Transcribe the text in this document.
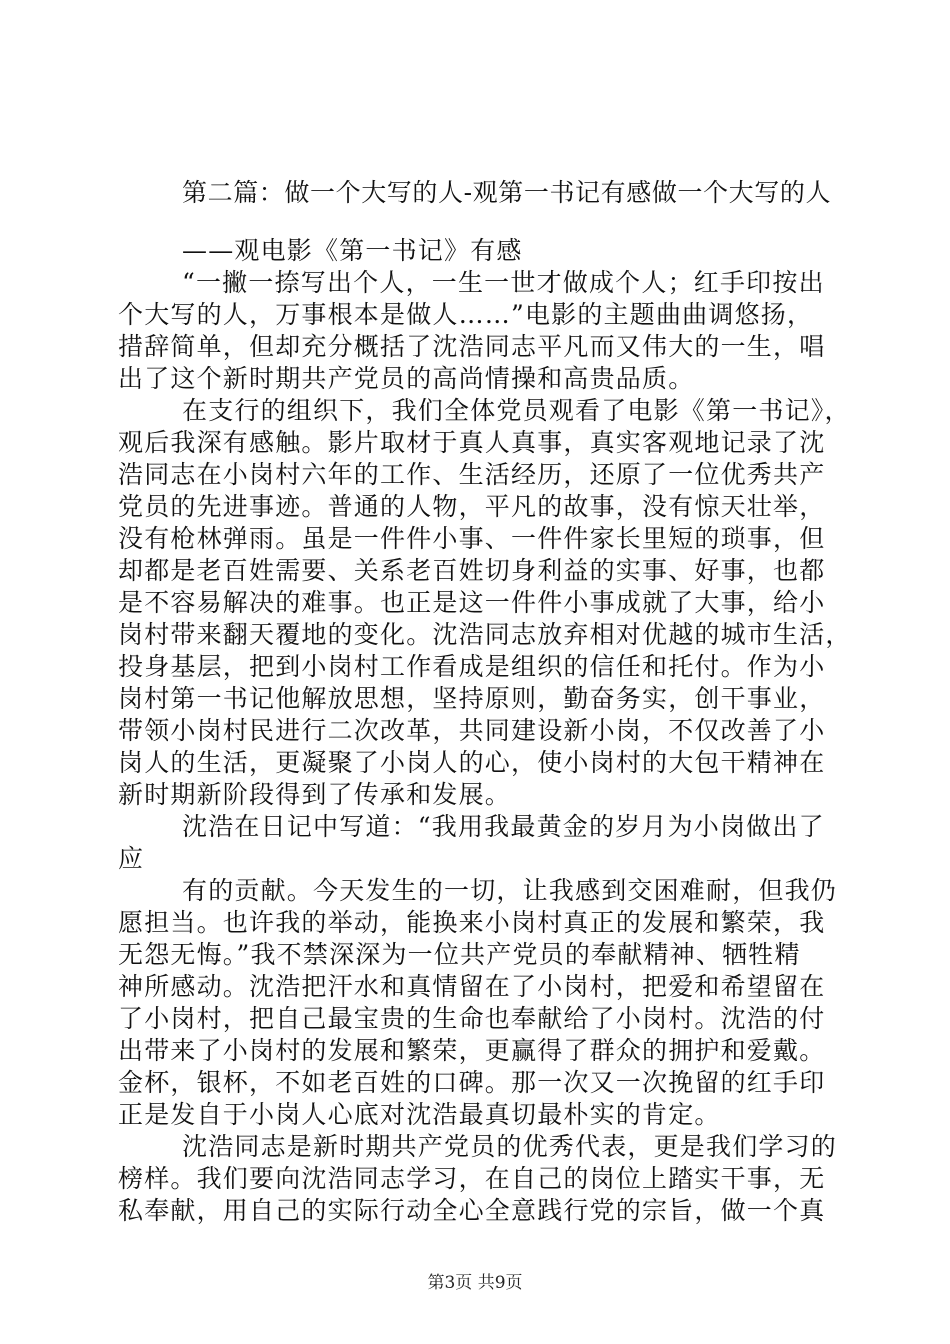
第二篇：做一个大写的人-观第一书记有感做一个大写的人
——观电影《第一书记》有感
“一撇一捺写出个人，一生一世才做成个人；红手印按出
个大写的人，万事根本是做人……”电影的主题曲曲调悠扬，
措辞简单，但却充分概括了沈浩同志平凡而又伟大的一生，唱
出了这个新时期共产党员的高尚情操和高贵品质。
在支行的组织下，我们全体党员观看了电影《第一书记》，
观后我深有感触。影片取材于真人真事，真实客观地记录了沈
浩同志在小岗村六年的工作、生活经历，还原了一位优秀共产
党员的先进事迹。普通的人物，平凡的故事，没有惊天壮举，
没有枪林弹雨。虽是一件件小事、一件件家长里短的琐事，但
却都是老百姓需要、关系老百姓切身利益的实事、好事，也都
是不容易解决的难事。也正是这一件件小事成就了大事，给小
岗村带来翻天覆地的变化。沈浩同志放弃相对优越的城市生活，
投身基层，把到小岗村工作看成是组织的信任和托付。作为小
岗村第一书记他解放思想，坚持原则，勤奋务实，创干事业，
带领小岗村民进行二次改革，共同建设新小岗，不仅改善了小
岗人的生活，更凝聚了小岗人的心，使小岗村的大包干精神在
新时期新阶段得到了传承和发展。
沈浩在日记中写道：“我用我最黄金的岁月为小岗做出了
应
有的贡献。今天发生的一切，让我感到交困难耐，但我仍
愿担当。也许我的举动，能换来小岗村真正的发展和繁荣，我
无怨无悔。”我不禁深深为一位共产党员的奉献精神、牺牲精
神所感动。沈浩把汗水和真情留在了小岗村，把爱和希望留在
了小岗村，把自己最宝贵的生命也奉献给了小岗村。沈浩的付
出带来了小岗村的发展和繁荣，更赢得了群众的拥护和爱戴。
金杯，银杯，不如老百姓的口碑。那一次又一次挽留的红手印
正是发自于小岗人心底对沈浩最真切最朴实的肯定。
沈浩同志是新时期共产党员的优秀代表，更是我们学习的
榜样。我们要向沈浩同志学习，在自己的岗位上踏实干事，无
私奉献，用自己的实际行动全心全意践行党的宗旨，做一个真
第3页 共9页
